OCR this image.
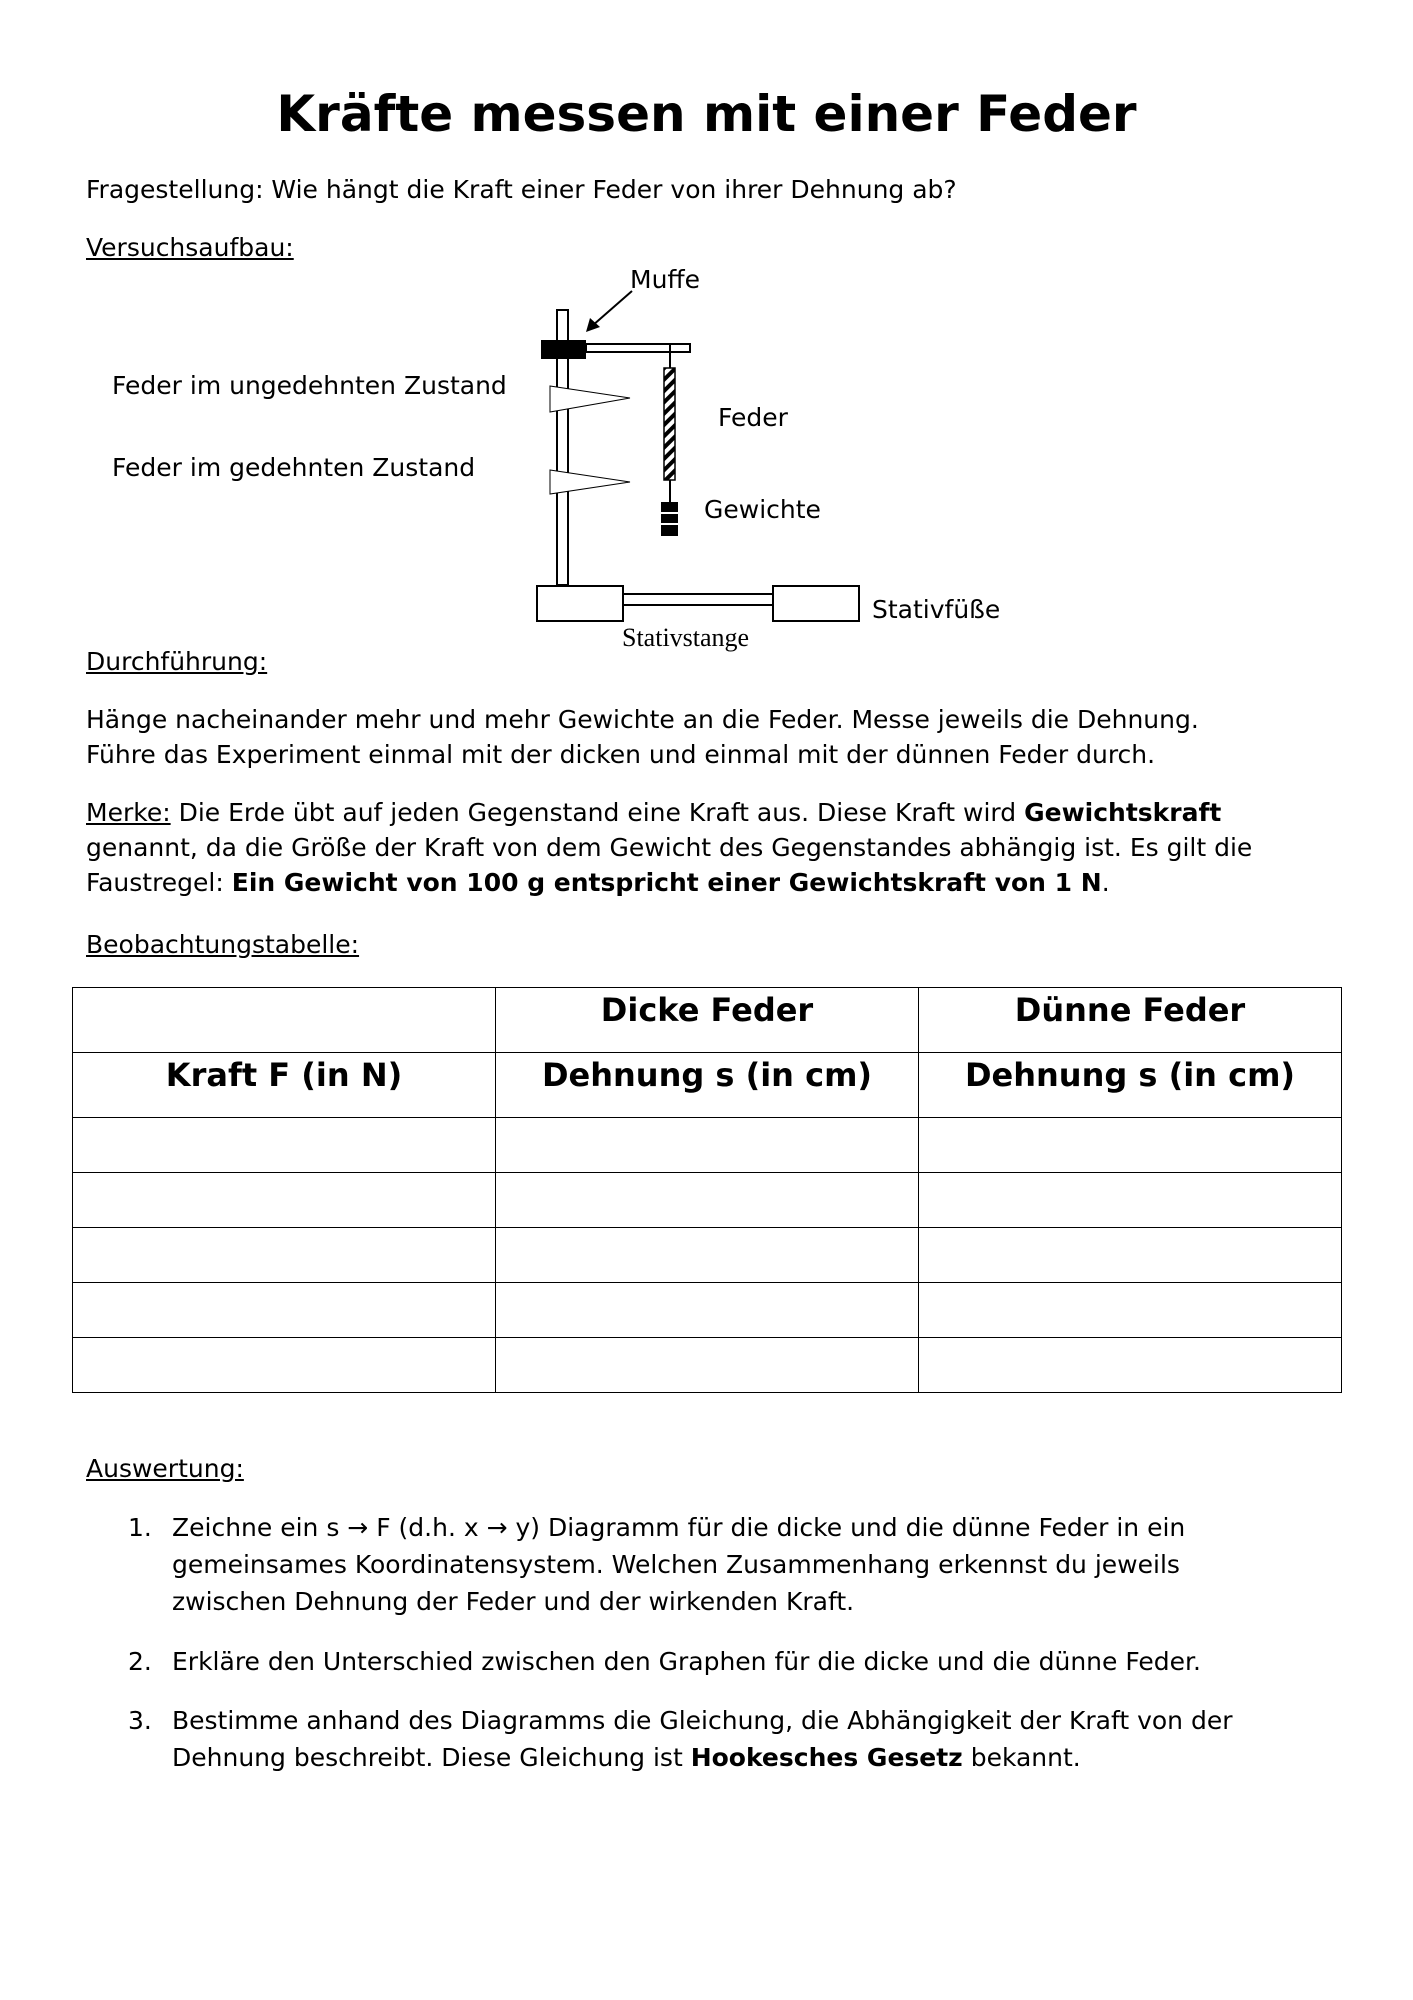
Kräfte messen mit einer Feder

Fragestellung: Wie hängt die Kraft einer Feder von ihrer Dehnung ab?

Versuchsaufbau:

Muffe
Feder im ungedehnten Zustand
Feder im gedehnten Zustand
Feder
Gewichte
Stativfüße
Stativstange

Durchführung:

Hänge nacheinander mehr und mehr Gewichte an die Feder. Messe jeweils die Dehnung.

Führe das Experiment einmal mit der dicken und einmal mit der dünnen Feder durch.

Merke: Die Erde übt auf jeden Gegenstand eine Kraft aus. Diese Kraft wird Gewichtskraft genannt, da die Größe der Kraft von dem Gewicht des Gegenstandes abhängig ist. Es gilt die Faustregel: Ein Gewicht von 100 g entspricht einer Gewichtskraft von 1 N.

Beobachtungstabelle:

	Dicke Feder	Dünne Feder
Kraft F (in N)	Dehnung s (in cm)	Dehnung s (in cm)

Auswertung:

1. Zeichne ein s → F (d.h. x → y) Diagramm für die dicke und die dünne Feder in ein gemeinsames Koordinatensystem. Welchen Zusammenhang erkennst du jeweils zwischen Dehnung der Feder und der wirkenden Kraft.
2. Erkläre den Unterschied zwischen den Graphen für die dicke und die dünne Feder.
3. Bestimme anhand des Diagramms die Gleichung, die Abhängigkeit der Kraft von der Dehnung beschreibt. Diese Gleichung ist Hookesches Gesetz bekannt.
